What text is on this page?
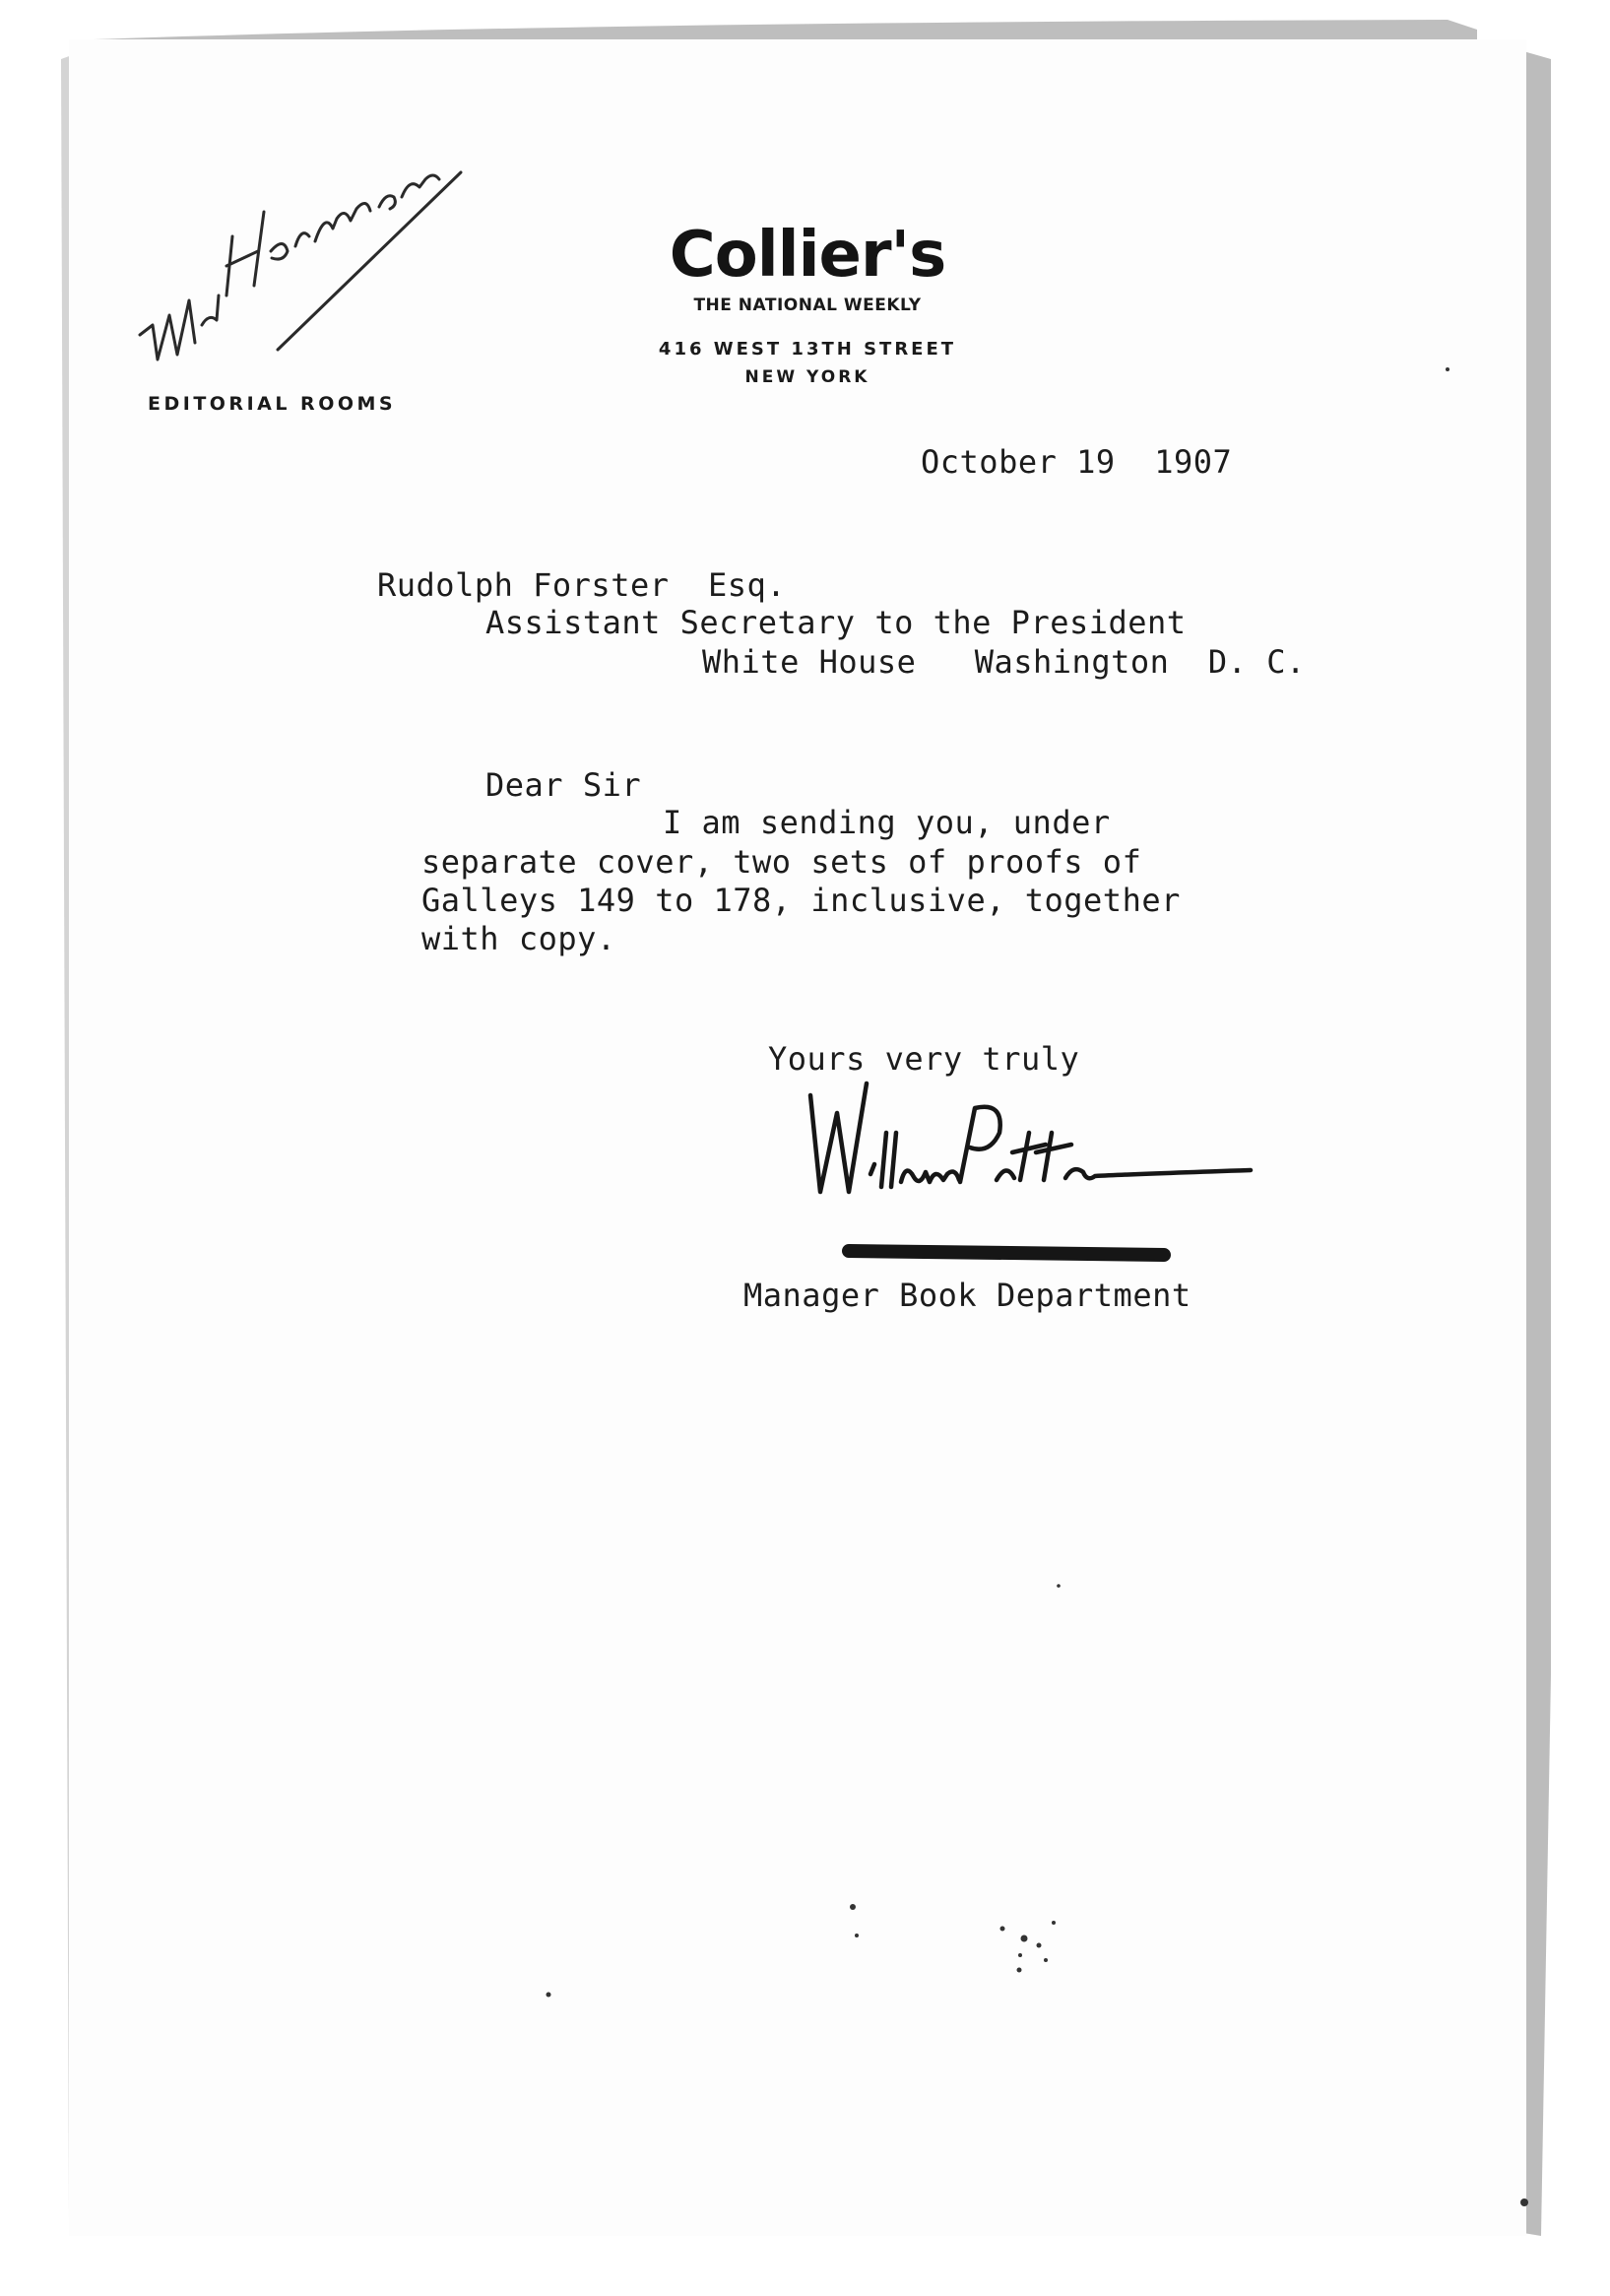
Collier's
THE NATIONAL WEEKLY
416 WEST 13TH STREET
NEW YORK
EDITORIAL ROOMS
October 19  1907
Rudolph Forster  Esq.
Assistant Secretary to the President
White House   Washington  D. C.
Dear Sir
I am sending you, under
separate cover, two sets of proofs of
Galleys 149 to 178, inclusive, together
with copy.
Yours very truly
Manager Book Department
